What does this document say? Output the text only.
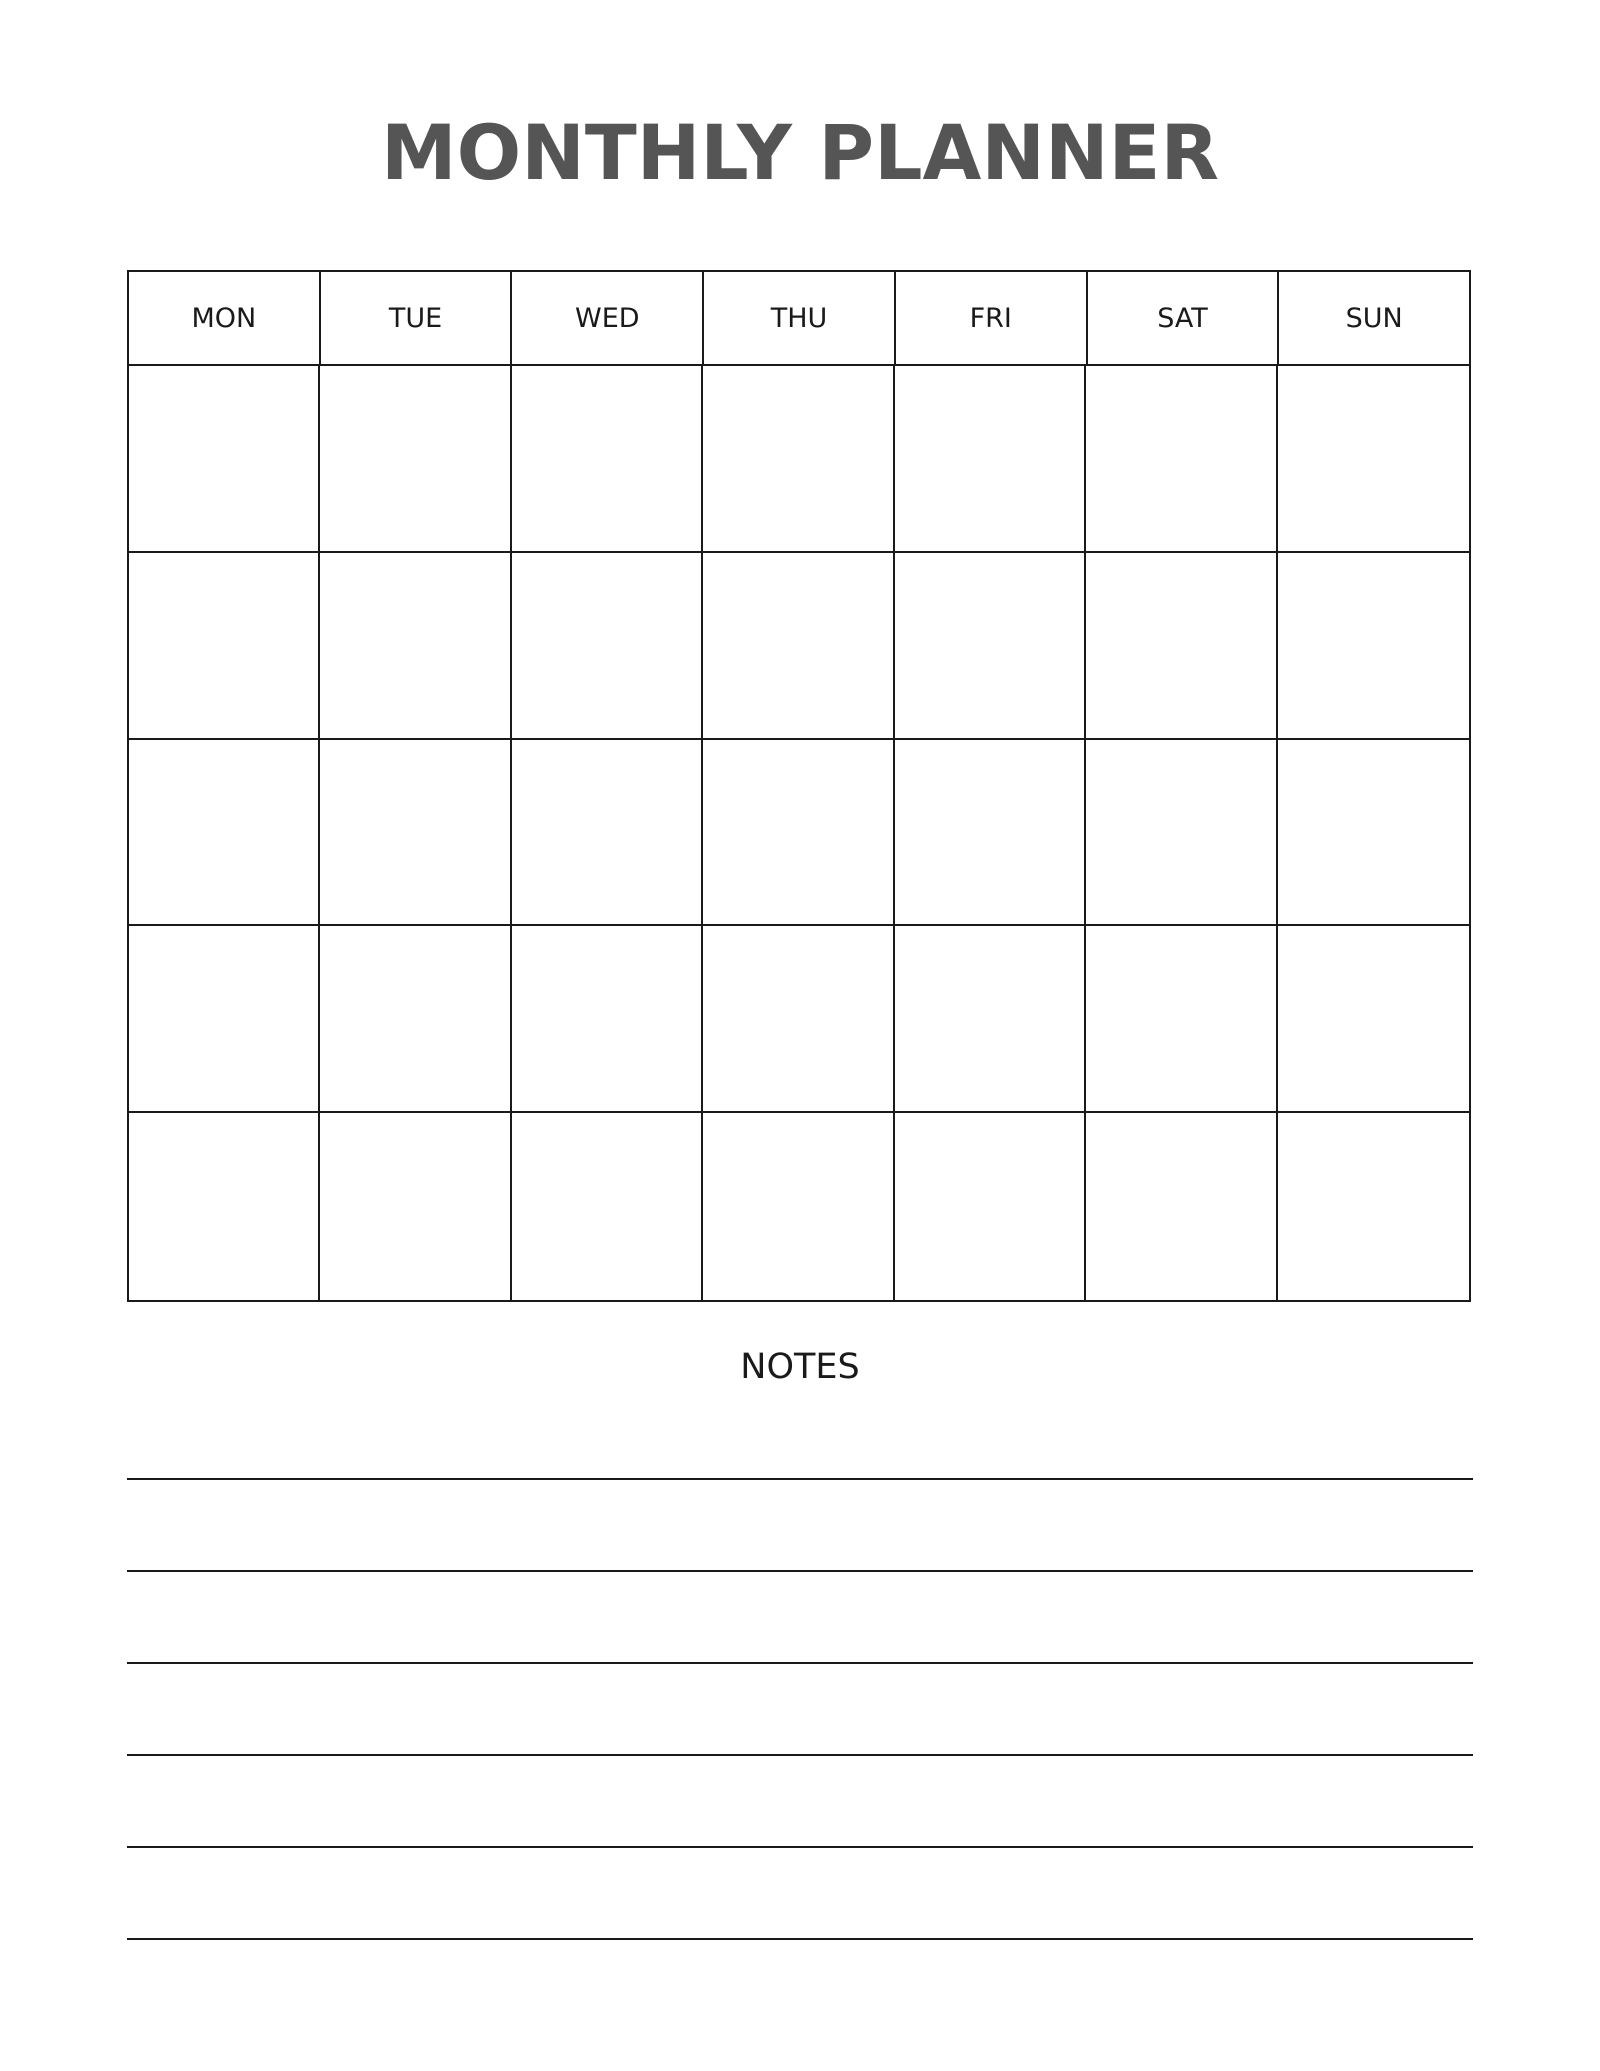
MONTHLY PLANNER
MON	TUE	WED	THU	FRI	SAT	SUN
NOTES
